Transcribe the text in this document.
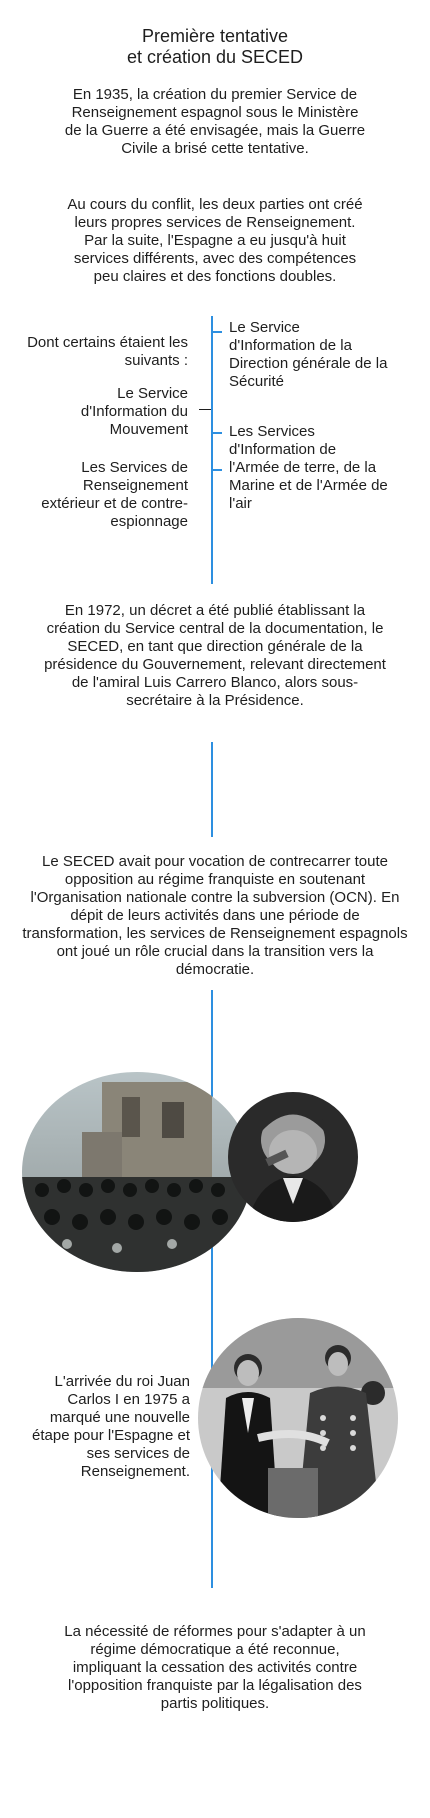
Première tentative
et création du SECED

En 1935, la création du premier Service de Renseignement espagnol sous le Ministère de la Guerre a été envisagée, mais la Guerre Civile a brisé cette tentative.

Au cours du conflit, les deux parties ont créé leurs propres services de Renseignement. Par la suite, l'Espagne a eu jusqu'à huit services différents, avec des compétences peu claires et des fonctions doubles.

Dont certains étaient les suivants :

Le Service d'Information de la Direction générale de la Sécurité

Le Service d'Information du Mouvement	Les Services d'Information de l'Armée de terre, de la Marine et de l'Armée de l'air

Les Services de Renseignement extérieur et de contre-espionnage

En 1972, un décret a été publié établissant la création du Service central de la documentation, le SECED, en tant que direction générale de la présidence du Gouvernement, relevant directement de l'amiral Luis Carrero Blanco, alors sous-secrétaire à la Présidence.

Le SECED avait pour vocation de contrecarrer toute opposition au régime franquiste en soutenant l'Organisation nationale contre la subversion (OCN). En dépit de leurs activités dans une période de transformation, les services de Renseignement espagnols ont joué un rôle crucial dans la transition vers la démocratie.

L'arrivée du roi Juan Carlos I en 1975 a marqué une nouvelle étape pour l'Espagne et ses services de Renseignement.

La nécessité de réformes pour s'adapter à un régime démocratique a été reconnue, impliquant la cessation des activités contre l'opposition franquiste par la légalisation des partis politiques.
